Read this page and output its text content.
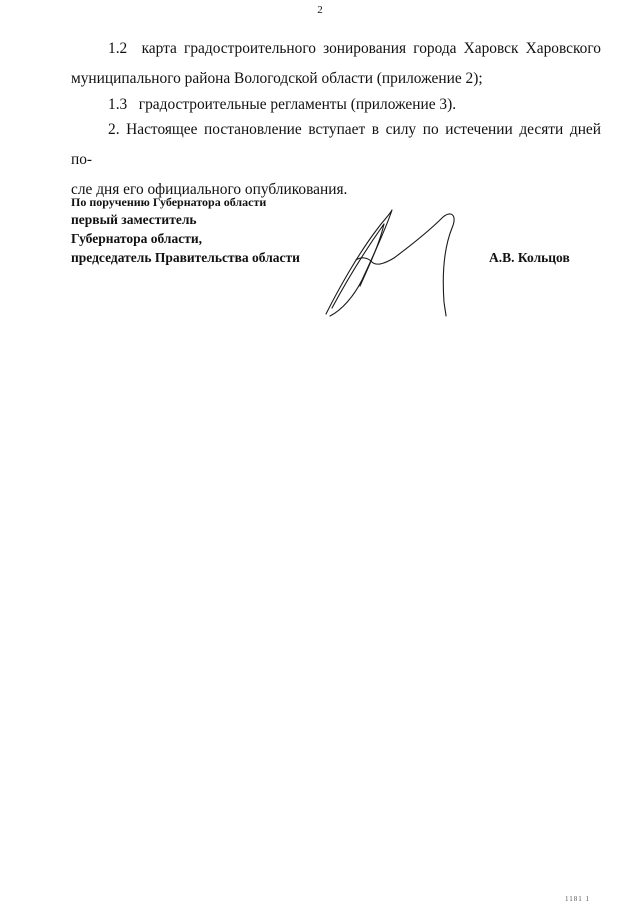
2
1.2 карта градостроительного зонирования города Харовск Харовского
муниципального района Вологодской области (приложение 2);
1.3 градостроительные регламенты (приложение 3).
2. Настоящее постановление вступает в силу по истечении десяти дней по-
сле дня его официального опубликования.
По поручению Губернатора области
первый заместитель
Губернатора области,
председатель Правительства области	А.В. Кольцов
1181 1
